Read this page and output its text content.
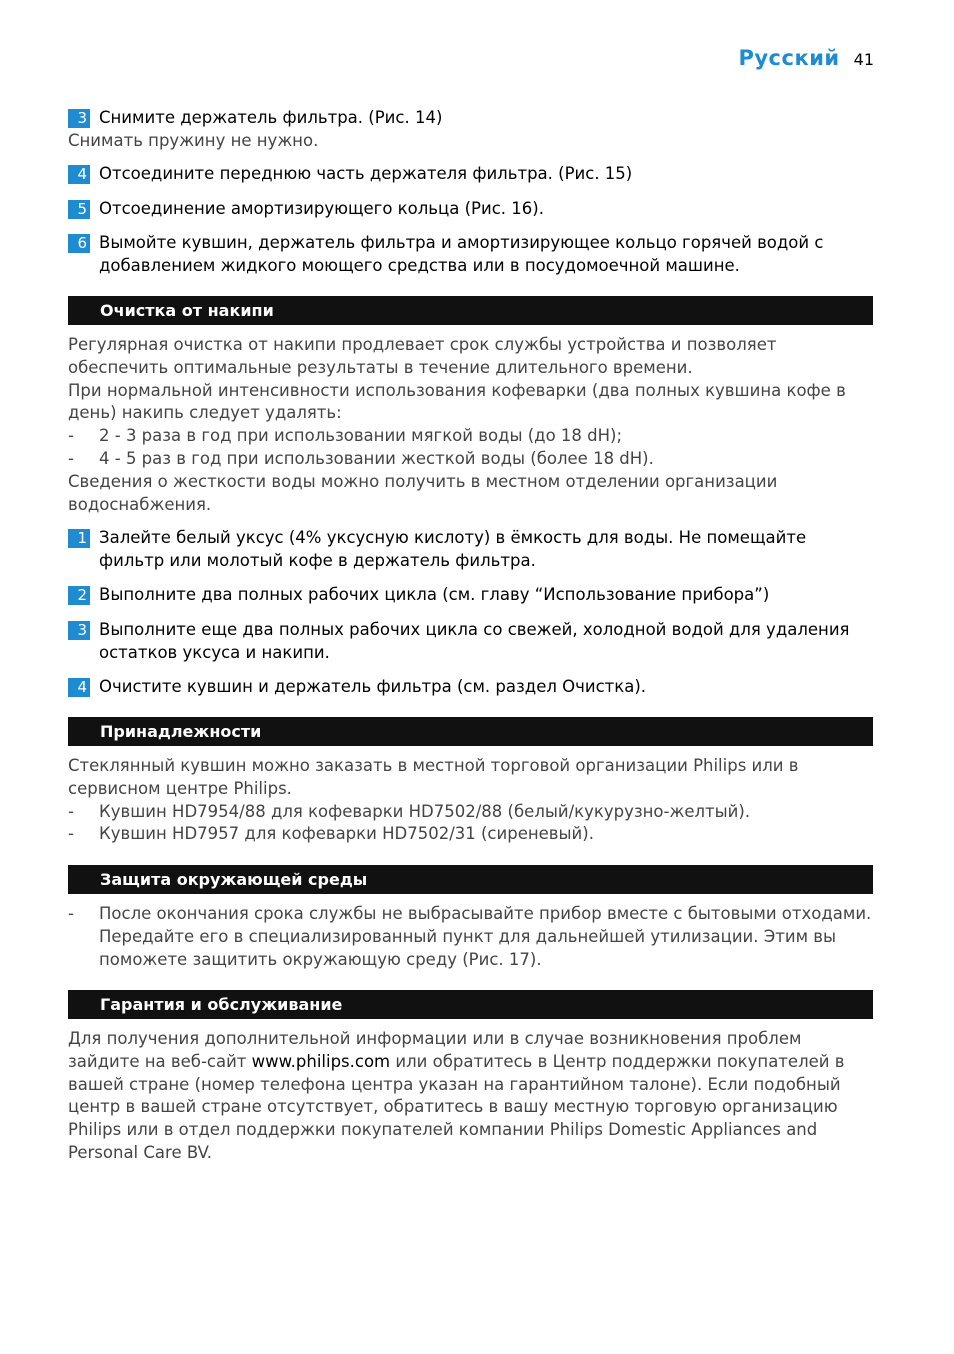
Русский 41
3 Снимите держатель фильтра. (Рис. 14)
Снимать пружину не нужно.
4 Отсоедините переднюю часть держателя фильтра. (Рис. 15)
5 Отсоединение амортизирующего кольца (Рис. 16).
6 Вымойте кувшин, держатель фильтра и амортизирующее кольцо горячей водой с добавлением жидкого моющего средства или в посудомоечной машине.
Очистка от накипи
Регулярная очистка от накипи продлевает срок службы устройства и позволяет обеспечить оптимальные результаты в течение длительного времени.
При нормальной интенсивности использования кофеварки (два полных кувшина кофе в день) накипь следует удалять:
-	2 - 3 раза в год при использовании мягкой воды (до 18 dH);
-	4 - 5 раз в год при использовании жесткой воды (более 18 dH).
Сведения о жесткости воды можно получить в местном отделении организации водоснабжения.
1 Залейте белый уксус (4% уксусную кислоту) в ёмкость для воды. Не помещайте фильтр или молотый кофе в держатель фильтра.
2 Выполните два полных рабочих цикла (см. главу “Использование прибора”)
3 Выполните еще два полных рабочих цикла со свежей, холодной водой для удаления остатков уксуса и накипи.
4 Очистите кувшин и держатель фильтра (см. раздел Очистка).
Принадлежности
Стеклянный кувшин можно заказать в местной торговой организации Philips или в сервисном центре Philips.
-	Кувшин HD7954/88 для кофеварки HD7502/88 (белый/кукурузно-желтый).
-	Кувшин HD7957 для кофеварки HD7502/31 (сиреневый).
Защита окружающей среды
-	После окончания срока службы не выбрасывайте прибор вместе с бытовыми отходами. Передайте его в специализированный пункт для дальнейшей утилизации. Этим вы поможете защитить окружающую среду (Рис. 17).
Гарантия и обслуживание
Для получения дополнительной информации или в случае возникновения проблем зайдите на веб-сайт www.philips.com или обратитесь в Центр поддержки покупателей в вашей стране (номер телефона центра указан на гарантийном талоне). Если подобный центр в вашей стране отсутствует, обратитесь в вашу местную торговую организацию Philips или в отдел поддержки покупателей компании Philips Domestic Appliances and Personal Care BV.
